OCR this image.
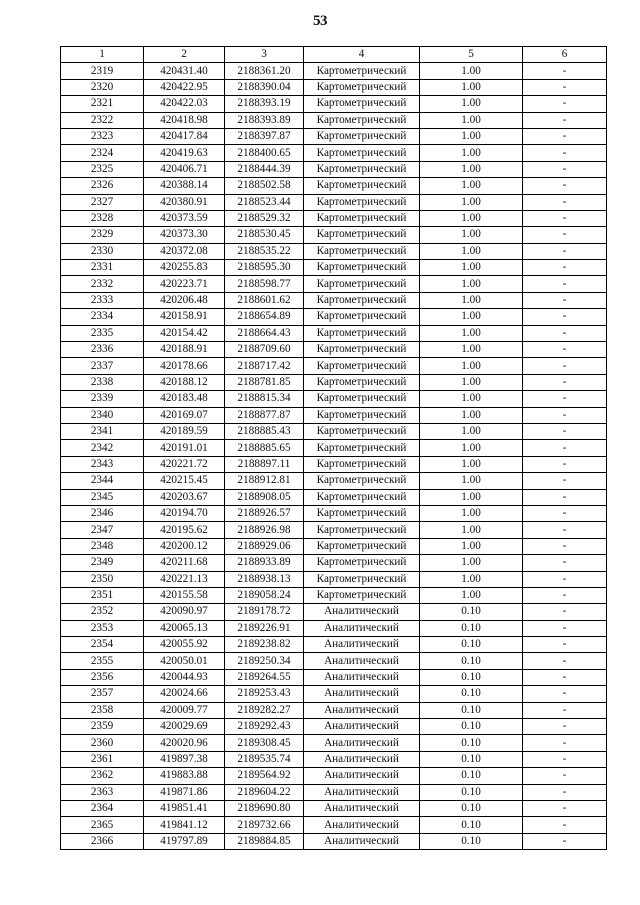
53
1	2	3	4	5	6
2319	420431.40	2188361.20	Картометрический	1.00	-
2320	420422.95	2188390.04	Картометрический	1.00	-
2321	420422.03	2188393.19	Картометрический	1.00	-
2322	420418.98	2188393.89	Картометрический	1.00	-
2323	420417.84	2188397.87	Картометрический	1.00	-
2324	420419.63	2188400.65	Картометрический	1.00	-
2325	420406.71	2188444.39	Картометрический	1.00	-
2326	420388.14	2188502.58	Картометрический	1.00	-
2327	420380.91	2188523.44	Картометрический	1.00	-
2328	420373.59	2188529.32	Картометрический	1.00	-
2329	420373.30	2188530.45	Картометрический	1.00	-
2330	420372.08	2188535.22	Картометрический	1.00	-
2331	420255.83	2188595.30	Картометрический	1.00	-
2332	420223.71	2188598.77	Картометрический	1.00	-
2333	420206.48	2188601.62	Картометрический	1.00	-
2334	420158.91	2188654.89	Картометрический	1.00	-
2335	420154.42	2188664.43	Картометрический	1.00	-
2336	420188.91	2188709.60	Картометрический	1.00	-
2337	420178.66	2188717.42	Картометрический	1.00	-
2338	420188.12	2188781.85	Картометрический	1.00	-
2339	420183.48	2188815.34	Картометрический	1.00	-
2340	420169.07	2188877.87	Картометрический	1.00	-
2341	420189.59	2188885.43	Картометрический	1.00	-
2342	420191.01	2188885.65	Картометрический	1.00	-
2343	420221.72	2188897.11	Картометрический	1.00	-
2344	420215.45	2188912.81	Картометрический	1.00	-
2345	420203.67	2188908.05	Картометрический	1.00	-
2346	420194.70	2188926.57	Картометрический	1.00	-
2347	420195.62	2188926.98	Картометрический	1.00	-
2348	420200.12	2188929.06	Картометрический	1.00	-
2349	420211.68	2188933.89	Картометрический	1.00	-
2350	420221.13	2188938.13	Картометрический	1.00	-
2351	420155.58	2189058.24	Картометрический	1.00	-
2352	420090.97	2189178.72	Аналитический	0.10	-
2353	420065.13	2189226.91	Аналитический	0.10	-
2354	420055.92	2189238.82	Аналитический	0.10	-
2355	420050.01	2189250.34	Аналитический	0.10	-
2356	420044.93	2189264.55	Аналитический	0.10	-
2357	420024.66	2189253.43	Аналитический	0.10	-
2358	420009.77	2189282.27	Аналитический	0.10	-
2359	420029.69	2189292.43	Аналитический	0.10	-
2360	420020.96	2189308.45	Аналитический	0.10	-
2361	419897.38	2189535.74	Аналитический	0.10	-
2362	419883.88	2189564.92	Аналитический	0.10	-
2363	419871.86	2189604.22	Аналитический	0.10	-
2364	419851.41	2189690.80	Аналитический	0.10	-
2365	419841.12	2189732.66	Аналитический	0.10	-
2366	419797.89	2189884.85	Аналитический	0.10	-
